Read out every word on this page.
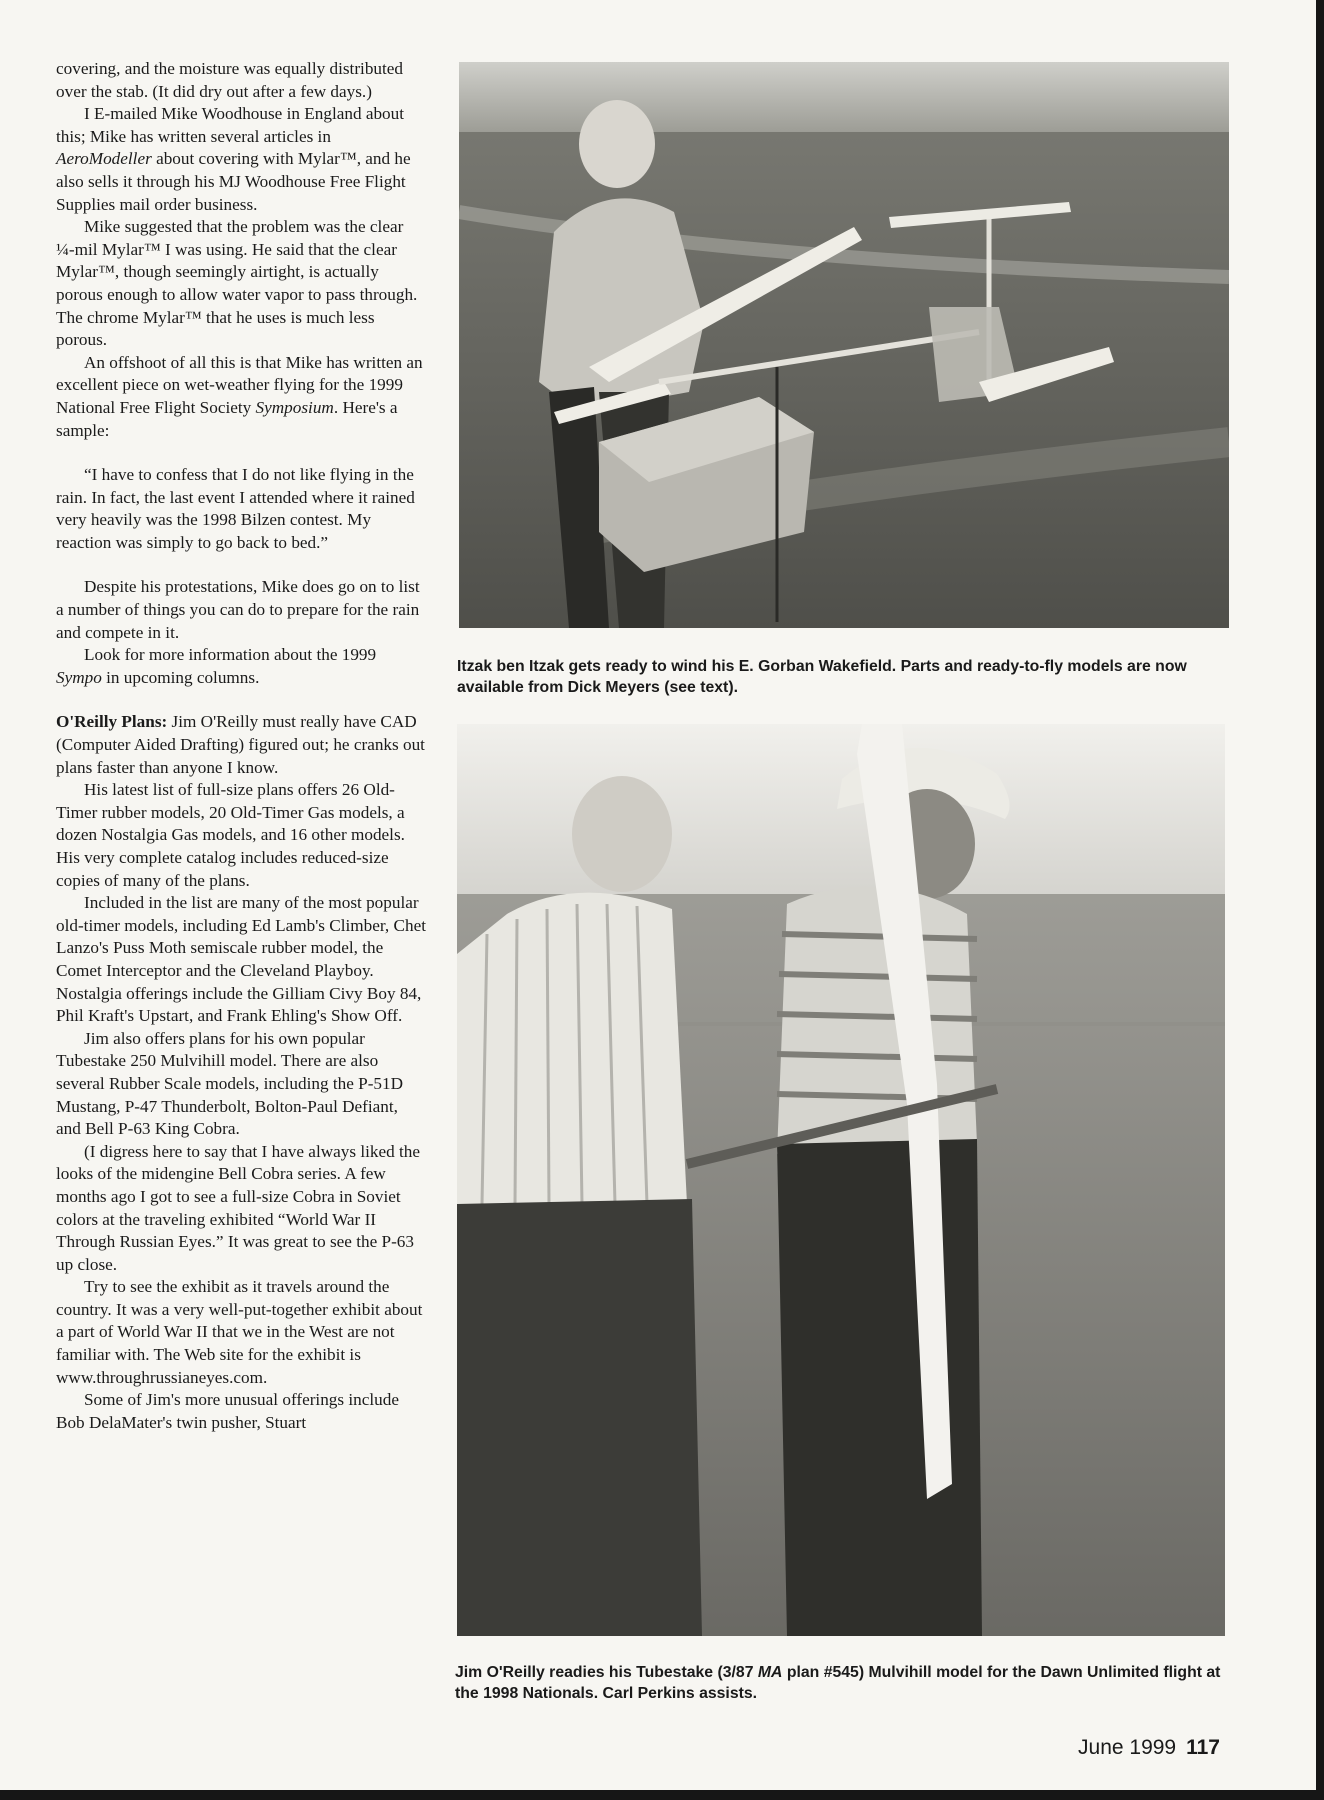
covering, and the moisture was equally distributed over the stab. (It did dry out after a few days.)

I E-mailed Mike Woodhouse in England about this; Mike has written several articles in AeroModeller about covering with Mylar™, and he also sells it through his MJ Woodhouse Free Flight Supplies mail order business.

Mike suggested that the problem was the clear ¼-mil Mylar™ I was using. He said that the clear Mylar™, though seemingly airtight, is actually porous enough to allow water vapor to pass through. The chrome Mylar™ that he uses is much less porous.

An offshoot of all this is that Mike has written an excellent piece on wet-weather flying for the 1999 National Free Flight Society Symposium. Here's a sample:

“I have to confess that I do not like flying in the rain. In fact, the last event I attended where it rained very heavily was the 1998 Bilzen contest. My reaction was simply to go back to bed.”

Despite his protestations, Mike does go on to list a number of things you can do to prepare for the rain and compete in it.

Look for more information about the 1999 Sympo in upcoming columns.

O'Reilly Plans: Jim O'Reilly must really have CAD (Computer Aided Drafting) figured out; he cranks out plans faster than anyone I know.

His latest list of full-size plans offers 26 Old-Timer rubber models, 20 Old-Timer Gas models, a dozen Nostalgia Gas models, and 16 other models. His very complete catalog includes reduced-size copies of many of the plans.

Included in the list are many of the most popular old-timer models, including Ed Lamb's Climber, Chet Lanzo's Puss Moth semiscale rubber model, the Comet Interceptor and the Cleveland Playboy. Nostalgia offerings include the Gilliam Civy Boy 84, Phil Kraft's Upstart, and Frank Ehling's Show Off.

Jim also offers plans for his own popular Tubestake 250 Mulvihill model. There are also several Rubber Scale models, including the P-51D Mustang, P-47 Thunderbolt, Bolton-Paul Defiant, and Bell P-63 King Cobra.

(I digress here to say that I have always liked the looks of the midengine Bell Cobra series. A few months ago I got to see a full-size Cobra in Soviet colors at the traveling exhibited “World War II Through Russian Eyes.” It was great to see the P-63 up close.

Try to see the exhibit as it travels around the country. It was a very well-put-together exhibit about a part of World War II that we in the West are not familiar with. The Web site for the exhibit is www.throughrussianeyes.com.

Some of Jim's more unusual offerings include Bob DelaMater's twin pusher, Stuart

Itzak ben Itzak gets ready to wind his E. Gorban Wakefield. Parts and ready-to-fly models are now available from Dick Meyers (see text).
Jim O'Reilly readies his Tubestake (3/87 MA plan #545) Mulvihill model for the Dawn Unlimited flight at the 1998 Nationals. Carl Perkins assists.
June 1999 117
